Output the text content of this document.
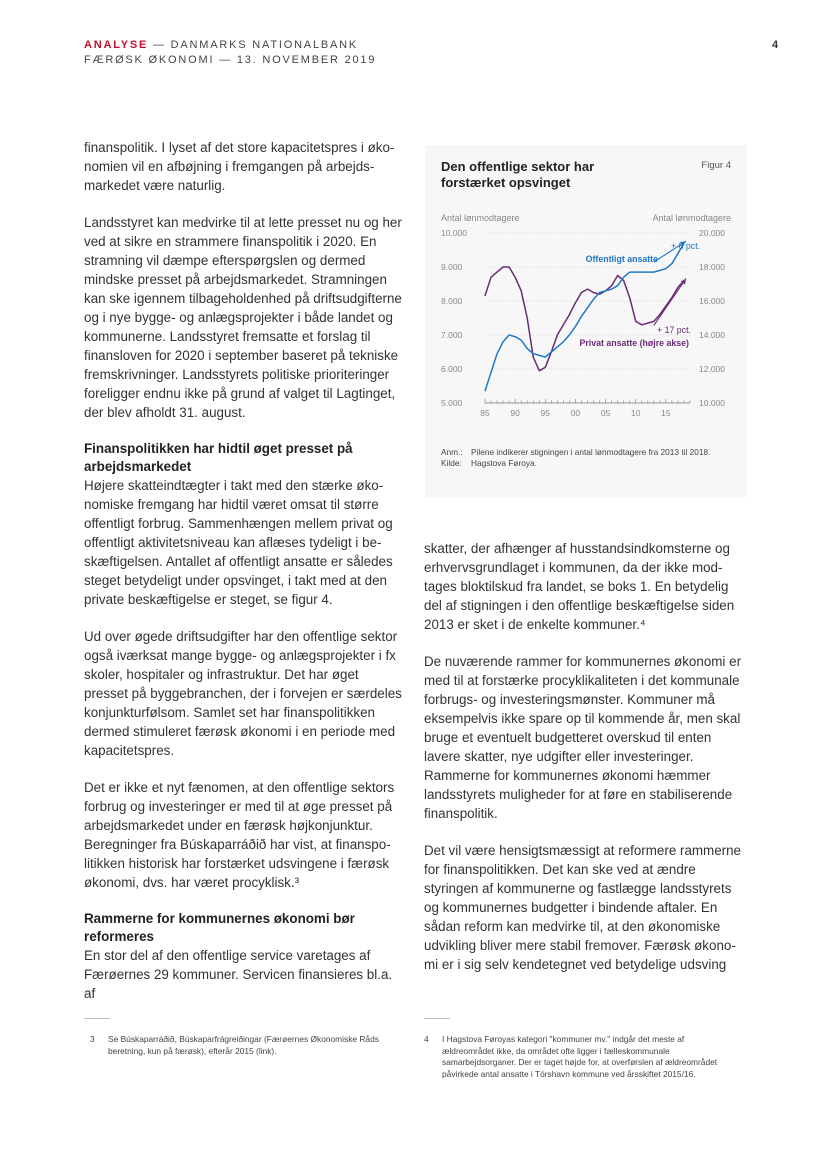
ANALYSE — DANMARKS NATIONALBANK
FÆRØSK ØKONOMI — 13. NOVEMBER 2019
4

finanspolitik. I lyset af det store kapacitetspres i økonomien vil en afbøjning i fremgangen på arbejdsmarkedet være naturlig.

Landsstyret kan medvirke til at lette presset nu og her ved at sikre en strammere finanspolitik i 2020. En stramning vil dæmpe efterspørgslen og dermed mindske presset på arbejdsmarkedet. Stramningen kan ske igennem tilbageholdenhed på driftsudgifterne og i nye bygge- og anlægsprojekter i både landet og kommunerne. Landsstyret fremsatte et forslag til finansloven for 2020 i september baseret på tekniske fremskrivninger. Landsstyrets politiske prioriteringer foreligger endnu ikke på grund af valget til Lagtinget, der blev afholdt 31. august.

Finanspolitikken har hidtil øget presset på arbejdsmarkedet

Højere skatteindtægter i takt med den stærke økonomiske fremgang har hidtil været omsat til større offentligt forbrug. Sammenhængen mellem privat og offentligt aktivitetsniveau kan aflæses tydeligt i beskæftigelsen. Antallet af offentligt ansatte er således steget betydeligt under opsvinget, i takt med at den private beskæftigelse er steget, se figur 4.

Ud over øgede driftsudgifter har den offentlige sektor også iværksat mange bygge- og anlægsprojekter i fx skoler, hospitaler og infrastruktur. Det har øget presset på byggebranchen, der i forvejen er særdeles konjunkturfølsom. Samlet set har finanspolitikken dermed stimuleret færøsk økonomi i en periode med kapacitetspres.

Det er ikke et nyt fænomen, at den offentlige sektors forbrug og investeringer er med til at øge presset på arbejdsmarkedet under en færøsk højkonjunktur. Beregninger fra Búskaparráðið har vist, at finanspolitikken historisk har forstærket udsvingene i færøsk økonomi, dvs. har været procyklisk.³

Rammerne for kommunernes økonomi bør reformeres

En stor del af den offentlige service varetages af Færøernes 29 kommuner. Servicen finansieres bl.a. af

Den offentlige sektor har forstærket opsvinget
Figur 4
Antal lønmodtagere	Antal lønmodtagere
10.000	20.000
9.000	18.000
8.000	16.000
7.000	14.000
6.000	12.000
5.000	10.000
85 90 95 00 05 10 15
+ 8 pct.
Offentligt ansatte
+ 17 pct.
Privat ansatte (højre akse)
Anm.:	Pilene indikerer stigningen i antal lønmodtagere fra 2013 til 2018.
Kilde:	Hagstova Føroya.

skatter, der afhænger af husstandsindkomsterne og erhvervsgrundlaget i kommunen, da der ikke modtages bloktilskud fra landet, se boks 1. En betydelig del af stigningen i den offentlige beskæftigelse siden 2013 er sket i de enkelte kommuner.⁴

De nuværende rammer for kommunernes økonomi er med til at forstærke procyklikaliteten i det kommunale forbrugs- og investeringsmønster. Kommuner må eksempelvis ikke spare op til kommende år, men skal bruge et eventuelt budgetteret overskud til enten lavere skatter, nye udgifter eller investeringer. Rammerne for kommunernes økonomi hæmmer landsstyrets muligheder for at føre en stabiliserende finanspolitik.

Det vil være hensigtsmæssigt at reformere rammerne for finanspolitikken. Det kan ske ved at ændre styringen af kommunerne og fastlægge landsstyrets og kommunernes budgetter i bindende aftaler. En sådan reform kan medvirke til, at den økonomiske udvikling bliver mere stabil fremover. Færøsk økonomi er i sig selv kendetegnet ved betydelige udsving

3	Se Búskaparráðið, Búskaparfrágreiðingar (Færøernes Økonomiske Råds beretning, kun på færøsk), efterår 2015 (link).
4	I Hagstova Føroyas kategori "kommuner mv." indgår det meste af ældreområdet ikke, da området ofte ligger i fælleskommunale samarbejdsorganer. Der er taget højde for, at overførslen af ældreområdet påvirkede antal ansatte i Tórshavn kommune ved årsskiftet 2015/16.
